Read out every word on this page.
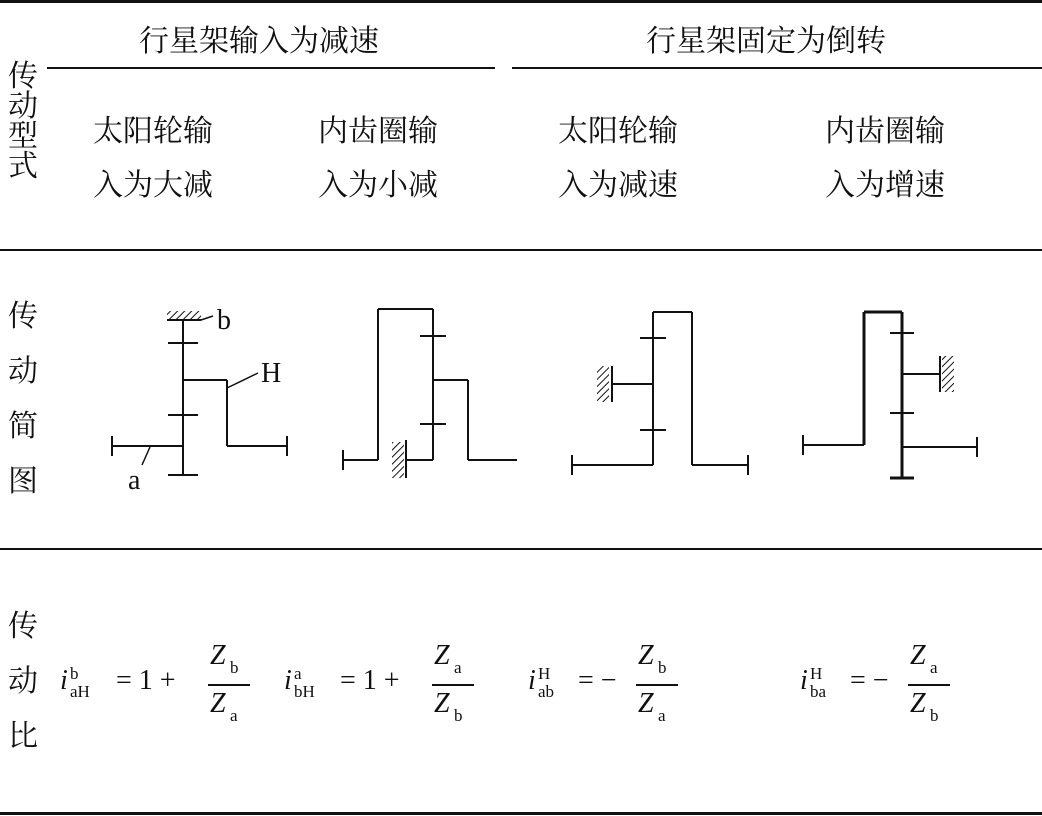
行星架输入为减速	行星架固定为倒转
传
动
型
式
传
动
简
图
传
动
比
太阳轮输
入为大减
内齿圈输
入为小减
太阳轮输
入为减速
内齿圈输
入为增速
b
H
a
i b
aH = 1 +
Z b
Z a
i a
bH = 1 +
Z a
Z b
i H
ab = −
Z b
Z a
i H
ba = −
Z a
Z b
